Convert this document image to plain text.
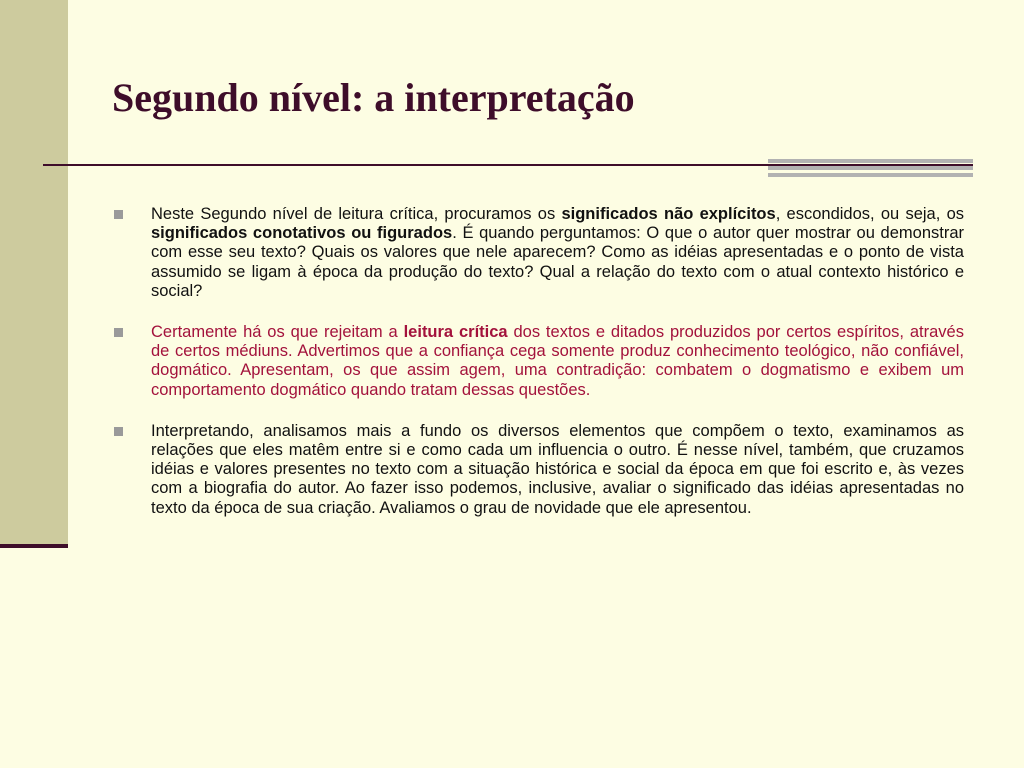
Segundo nível: a interpretação
Neste Segundo nível de leitura crítica, procuramos os significados não explícitos, escondidos, ou seja, os significados conotativos ou figurados. É quando perguntamos: O que o autor quer mostrar ou demonstrar com esse seu texto? Quais os valores que nele aparecem? Como as idéias apresentadas e o ponto de vista assumido se ligam à época da produção do texto? Qual a relação do texto com o atual contexto histórico e social?
Certamente há os que rejeitam a leitura crítica dos textos e ditados produzidos por certos espíritos, através de certos médiuns. Advertimos que a confiança cega somente produz conhecimento teológico, não confiável, dogmático. Apresentam, os que assim agem, uma contradição: combatem o dogmatismo e exibem um comportamento dogmático quando tratam dessas questões.
Interpretando, analisamos mais a fundo os diversos elementos que compõem o texto, examinamos as relações que eles matêm entre si e como cada um influencia o outro. É nesse nível, também, que cruzamos idéias e valores presentes no texto com a situação histórica e social da época em que foi escrito e, às vezes com a biografia do autor. Ao fazer isso podemos, inclusive, avaliar o significado das idéias apresentadas no texto da época de sua criação. Avaliamos o grau de novidade que ele apresentou.
